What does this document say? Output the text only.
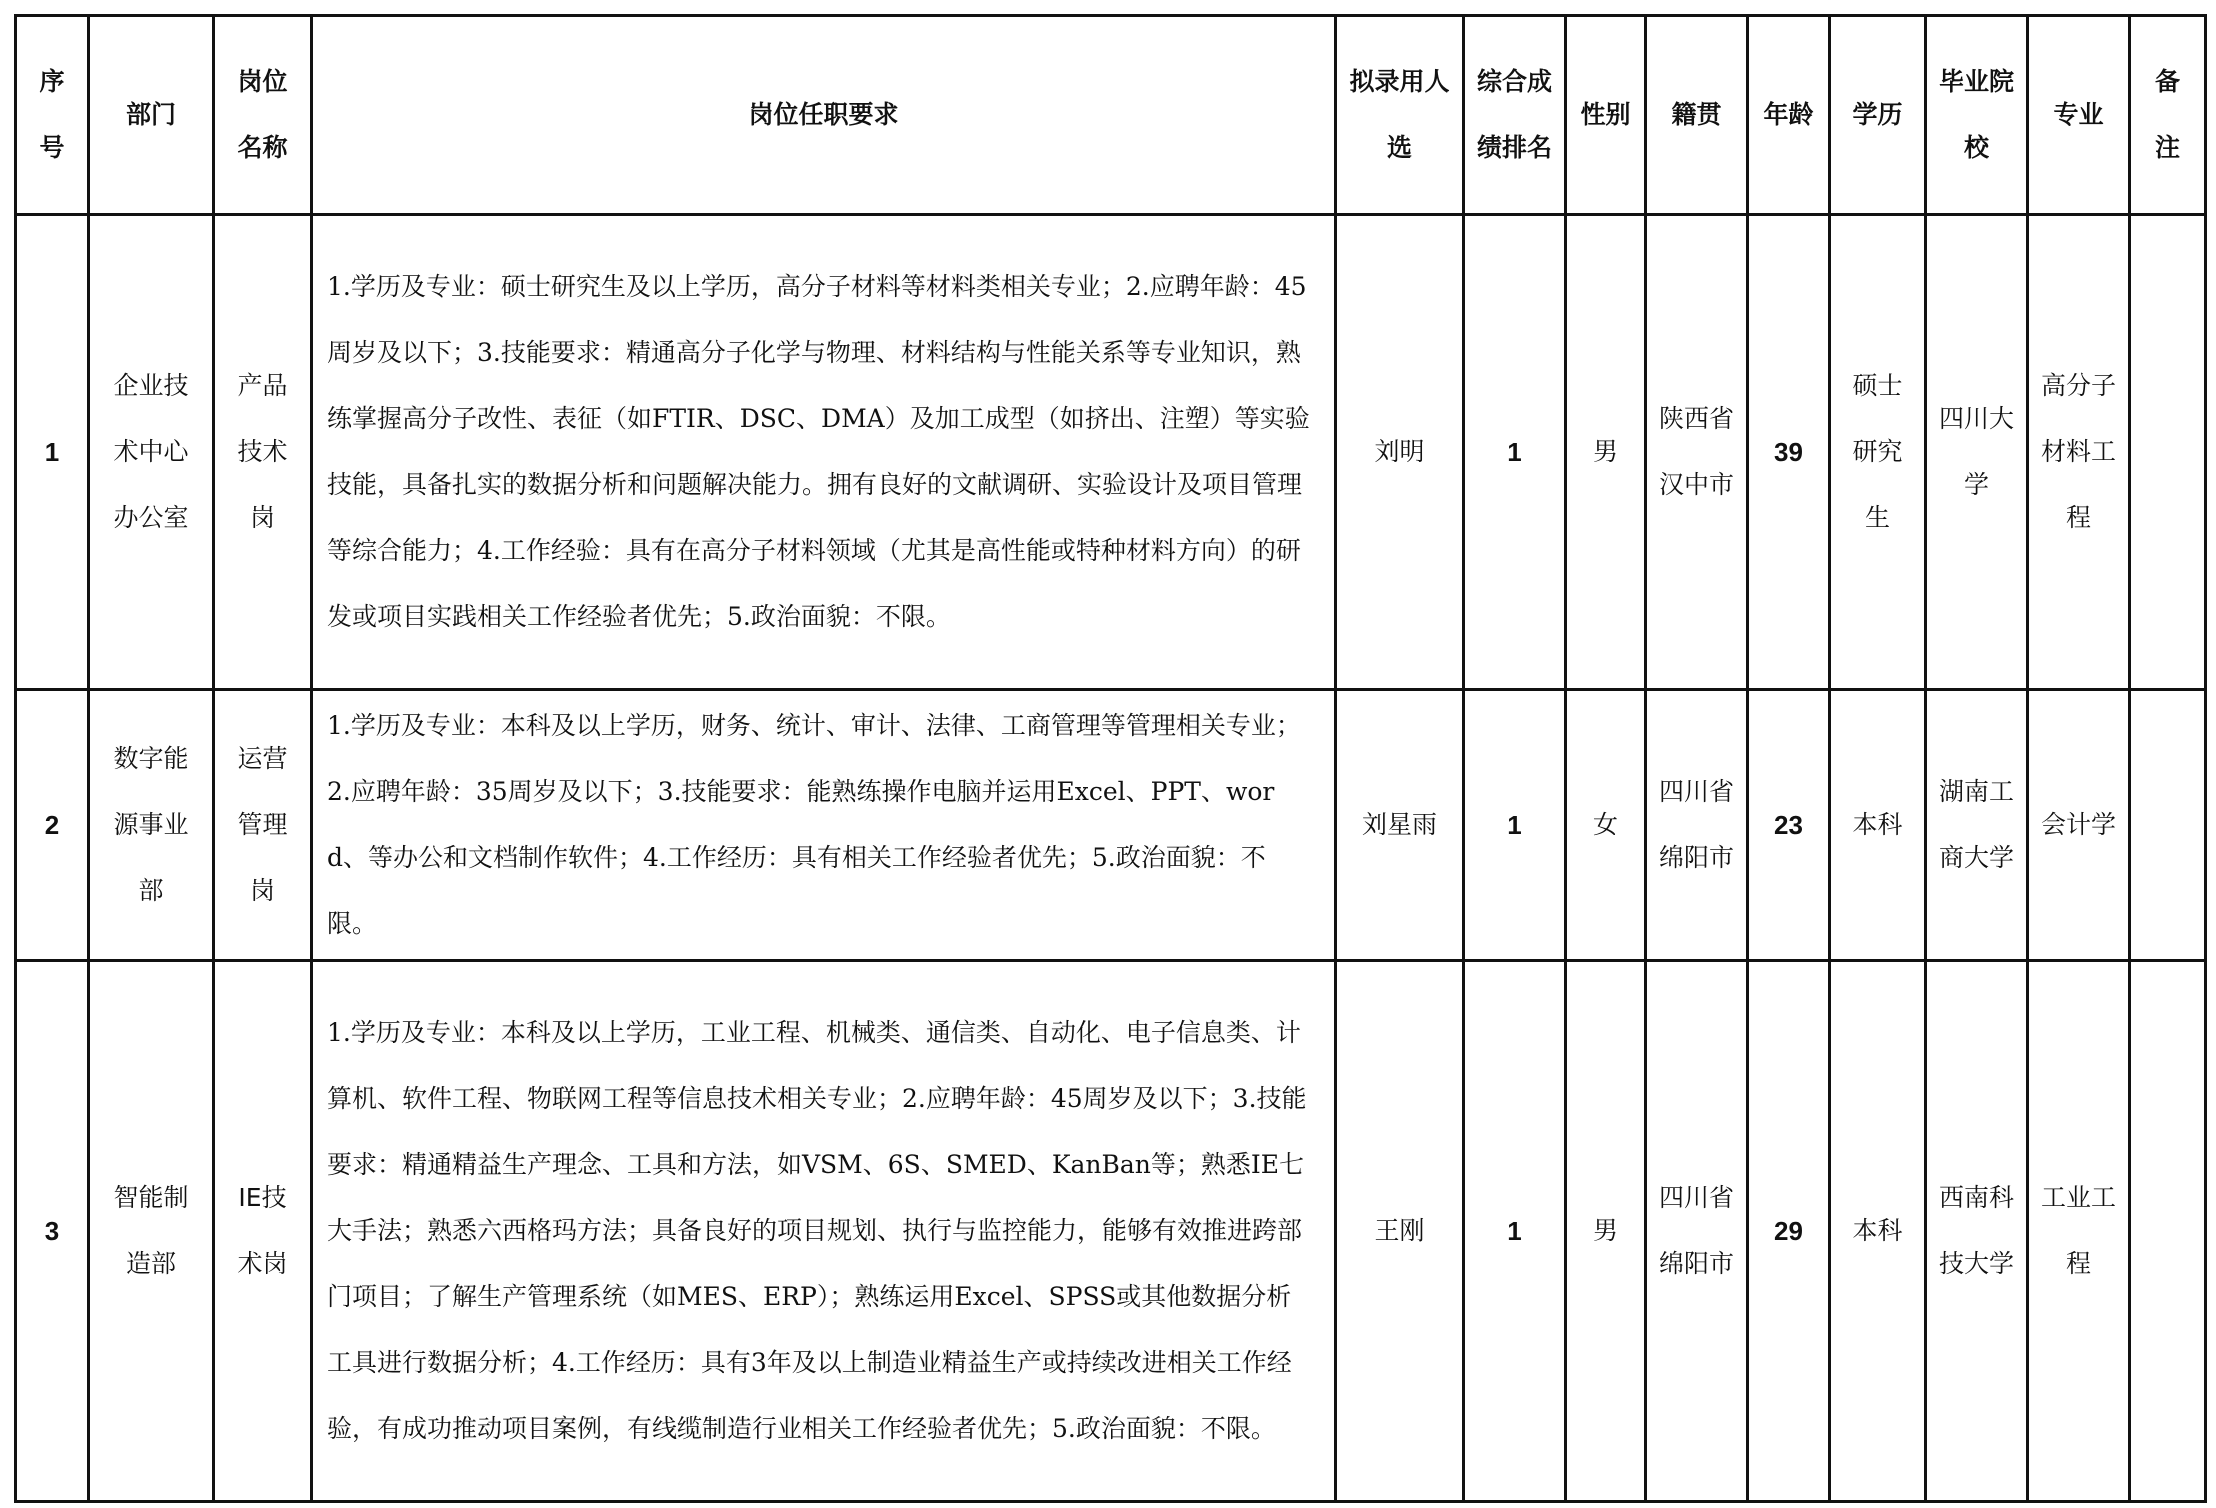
序号	部门	岗位名称	岗位任职要求	拟录用人选	综合成绩排名	性别	籍贯	年龄	学历	毕业院校	专业	备注
1	企业技术中心办公室	产品技术岗	1.学历及专业：硕士研究生及以上学历，高分子材料等材料类相关专业；2.应聘年龄：45周岁及以下；3.技能要求：精通高分子化学与物理、材料结构与性能关系等专业知识，熟练掌握高分子改性、表征（如FTIR、DSC、DMA）及加工成型（如挤出、注塑）等实验技能，具备扎实的数据分析和问题解决能力。拥有良好的文献调研、实验设计及项目管理等综合能力；4.工作经验：具有在高分子材料领域（尤其是高性能或特种材料方向）的研发或项目实践相关工作经验者优先；5.政治面貌：不限。	刘明	1	男	陕西省汉中市	39	硕士研究生	四川大学	高分子材料工程	
2	数字能源事业部	运营管理岗	1.学历及专业：本科及以上学历，财务、统计、审计、法律、工商管理等管理相关专业；2.应聘年龄：35周岁及以下；3.技能要求：能熟练操作电脑并运用Excel、PPT、word、等办公和文档制作软件；4.工作经历：具有相关工作经验者优先；5.政治面貌：不限。	刘星雨	1	女	四川省绵阳市	23	本科	湖南工商大学	会计学	
3	智能制造部	IE技术岗	1.学历及专业：本科及以上学历，工业工程、机械类、通信类、自动化、电子信息类、计算机、软件工程、物联网工程等信息技术相关专业；2.应聘年龄：45周岁及以下；3.技能要求：精通精益生产理念、工具和方法，如VSM、6S、SMED、KanBan等；熟悉IE七大手法；熟悉六西格玛方法；具备良好的项目规划、执行与监控能力，能够有效推进跨部门项目；了解生产管理系统（如MES、ERP）；熟练运用Excel、SPSS或其他数据分析工具进行数据分析；4.工作经历：具有3年及以上制造业精益生产或持续改进相关工作经验，有成功推动项目案例，有线缆制造行业相关工作经验者优先；5.政治面貌：不限。	王刚	1	男	四川省绵阳市	29	本科	西南科技大学	工业工程	
